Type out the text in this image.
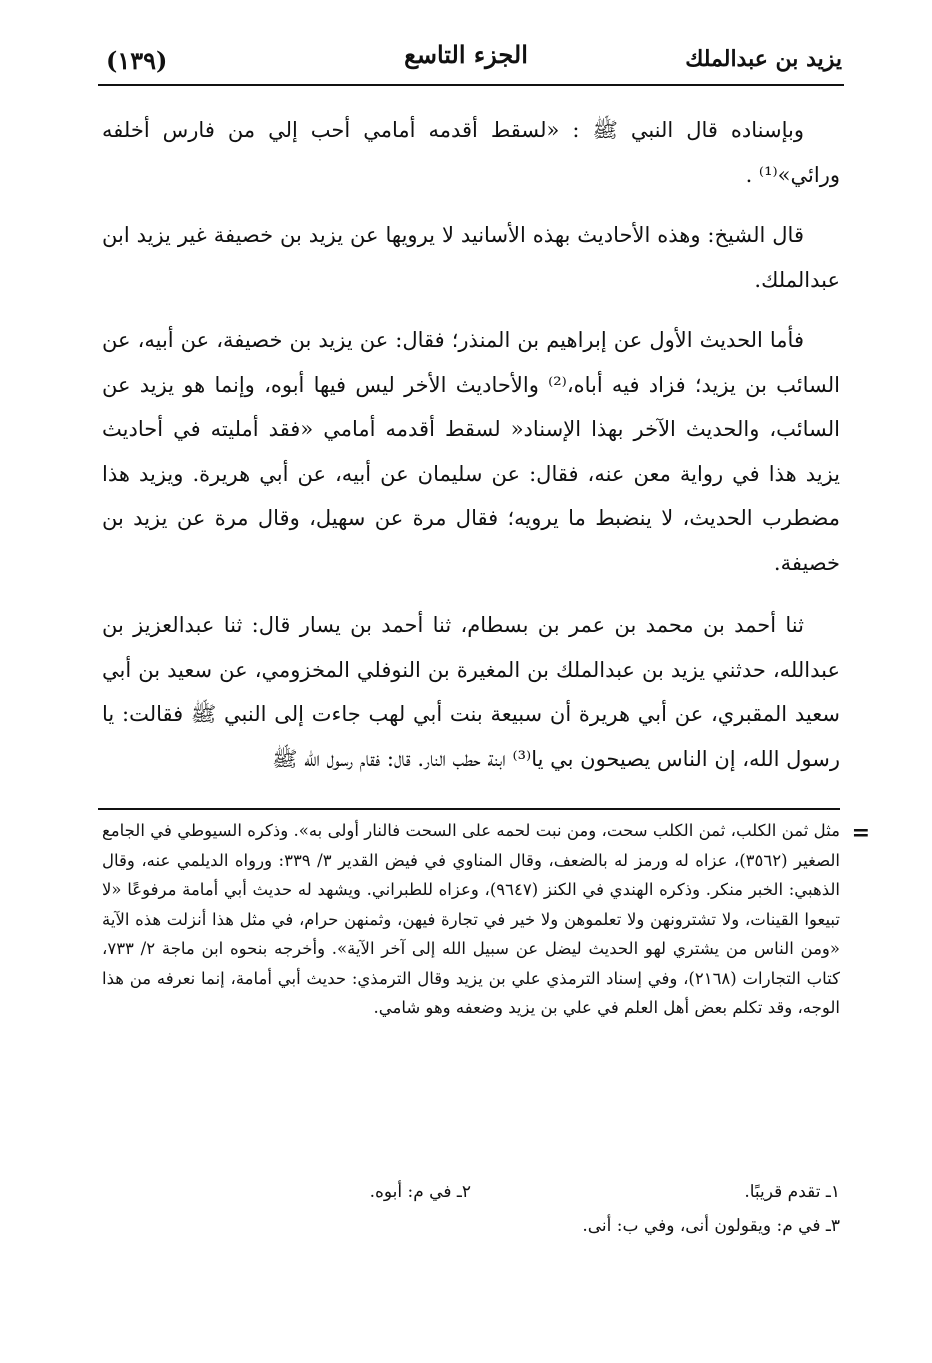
يزيد بن عبدالملك
الجزء التاسع
(١٣٩)

وبإسناده قال النبي ﷺ : «لسقط أقدمه أمامي أحب إلي من فارس أخلفه ورائي»⁽¹⁾ .

قال الشيخ: وهذه الأحاديث بهذه الأسانيد لا يرويها عن يزيد بن خصيفة غير يزيد ابن عبدالملك.

فأما الحديث الأول عن إبراهيم بن المنذر؛ فقال: عن يزيد بن خصيفة، عن أبيه، عن السائب بن يزيد؛ فزاد فيه أباه،⁽²⁾ والأحاديث الأخر ليس فيها أبوه، وإنما هو يزيد عن السائب، والحديث الآخر بهذا الإسناد« لسقط أقدمه أمامي «فقد أمليته في أحاديث يزيد هذا في رواية معن عنه، فقال: عن سليمان عن أبيه، عن أبي هريرة. ويزيد هذا مضطرب الحديث، لا ينضبط ما يرويه؛ فقال مرة عن سهيل، وقال مرة عن يزيد بن خصيفة.

ثنا أحمد بن محمد بن عمر بن بسطام، ثنا أحمد بن يسار قال: ثنا عبدالعزيز بن عبدالله، حدثني يزيد بن عبدالملك بن المغيرة بن النوفلي المخزومي، عن سعيد بن أبي سعيد المقبري، عن أبي هريرة أن سبيعة بنت أبي لهب جاءت إلى النبي ﷺ فقالت: يا رسول الله، إن الناس يصيحون بي يا⁽³⁾ ابنة حطب النار. قال: فقام رسول الله ﷺ

=

مثل ثمن الكلب، ثمن الكلب سحت، ومن نبت لحمه على السحت فالنار أولى به». وذكره السيوطي في الجامع الصغير (٣٥٦٢)، عزاه له ورمز له بالضعف، وقال المناوي في فيض القدير ٣/ ٣٣٩: ورواه الديلمي عنه، وقال الذهبي: الخبر منكر. وذكره الهندي في الكنز (٩٦٤٧)، وعزاه للطبراني. ويشهد له حديث أبي أمامة مرفوعًا «لا تبيعوا القينات، ولا تشترونهن ولا تعلموهن ولا خير في تجارة فيهن، وثمنهن حرام، في مثل هذا أنزلت هذه الآية «ومن الناس من يشتري لهو الحديث ليضل عن سبيل الله إلى آخر الآية». وأخرجه بنحوه ابن ماجة ٢/ ٧٣٣، كتاب التجارات (٢١٦٨)، وفي إسناد الترمذي علي بن يزيد وقال الترمذي: حديث أبي أمامة، إنما نعرفه من هذا الوجه، وقد تكلم بعض أهل العلم في علي بن يزيد وضعفه وهو شامي.

١ـ تقدم قريبًا.
٢ـ في م: أبوه.
٣ـ في م: ويقولون أنى، وفي ب: أنى.
